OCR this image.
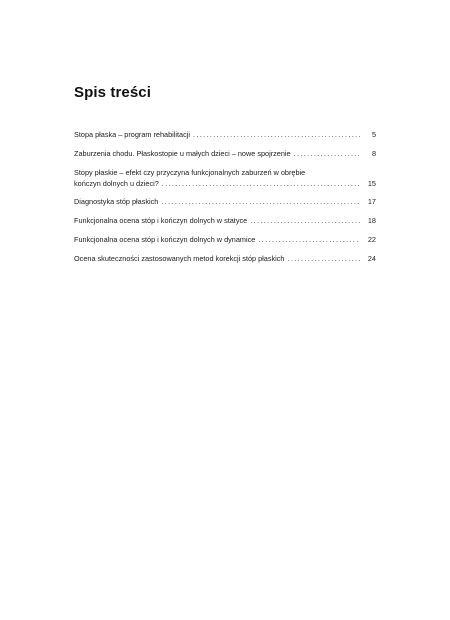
Spis treści
Stopa płaska – program rehabilitacji .....	5
Zaburzenia chodu. Płaskostopie u małych dzieci – nowe spojrzenie .....	8
Stopy płaskie – efekt czy przyczyna funkcjonalnych zaburzeń w obrębie
kończyn dolnych u dzieci? .....	15
Diagnostyka stóp płaskich .....	17
Funkcjonalna ocena stóp i kończyn dolnych w statyce .....	18
Funkcjonalna ocena stóp i kończyn dolnych w dynamice .....	22
Ocena skuteczności zastosowanych metod korekcji stóp płaskich .....	24
